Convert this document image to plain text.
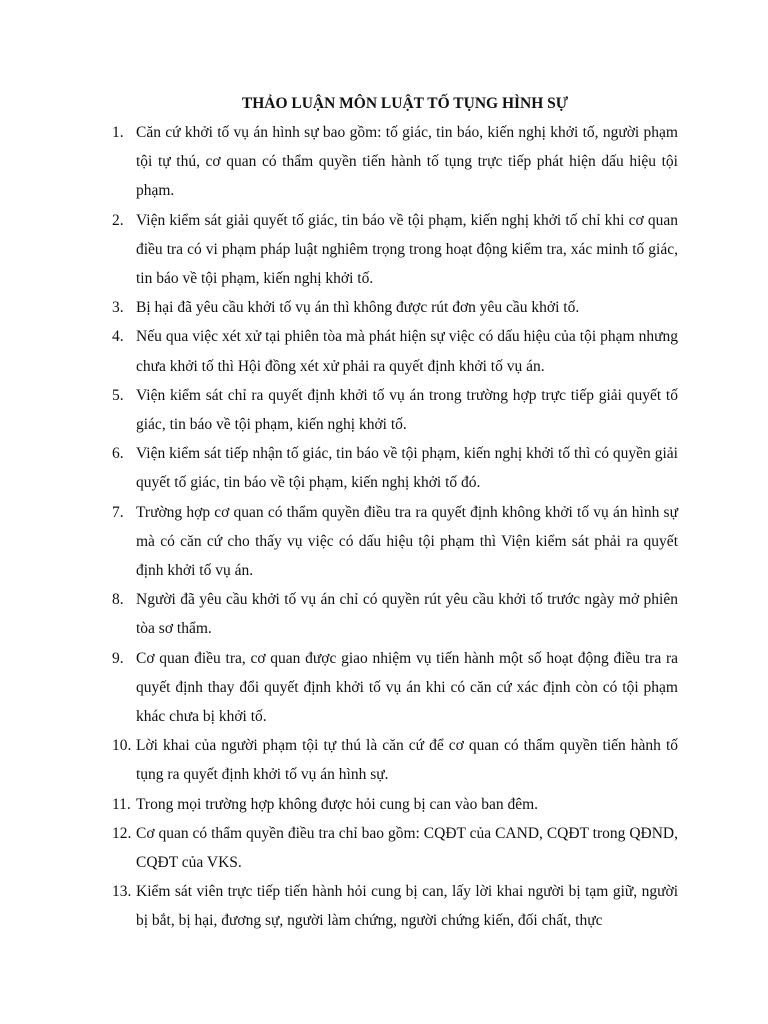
THẢO LUẬN MÔN LUẬT TỐ TỤNG HÌNH SỰ
1. Căn cứ khởi tố vụ án hình sự bao gồm: tố giác, tin báo, kiến nghị khởi tố, người phạm tội tự thú, cơ quan có thẩm quyền tiến hành tố tụng trực tiếp phát hiện dấu hiệu tội phạm.
2. Viện kiểm sát giải quyết tố giác, tin báo về tội phạm, kiến nghị khởi tố chỉ khi cơ quan điều tra có vi phạm pháp luật nghiêm trọng trong hoạt động kiểm tra, xác minh tố giác, tin báo về tội phạm, kiến nghị khởi tố.
3. Bị hại đã yêu cầu khởi tố vụ án thì không được rút đơn yêu cầu khởi tố.
4. Nếu qua việc xét xử tại phiên tòa mà phát hiện sự việc có dấu hiệu của tội phạm nhưng chưa khởi tố thì Hội đồng xét xử phải ra quyết định khởi tố vụ án.
5. Viện kiểm sát chỉ ra quyết định khởi tố vụ án trong trường hợp trực tiếp giải quyết tố giác, tin báo về tội phạm, kiến nghị khởi tố.
6. Viện kiểm sát tiếp nhận tố giác, tin báo về tội phạm, kiến nghị khởi tố thì có quyền giải quyết tố giác, tin báo về tội phạm, kiến nghị khởi tố đó.
7. Trường hợp cơ quan có thẩm quyền điều tra ra quyết định không khởi tố vụ án hình sự mà có căn cứ cho thấy vụ việc có dấu hiệu tội phạm thì Viện kiểm sát phải ra quyết định khởi tố vụ án.
8. Người đã yêu cầu khởi tố vụ án chỉ có quyền rút yêu cầu khởi tố trước ngày mở phiên tòa sơ thẩm.
9. Cơ quan điều tra, cơ quan được giao nhiệm vụ tiến hành một số hoạt động điều tra ra quyết định thay đổi quyết định khởi tố vụ án khi có căn cứ xác định còn có tội phạm khác chưa bị khởi tố.
10. Lời khai của người phạm tội tự thú là căn cứ để cơ quan có thẩm quyền tiến hành tố tụng ra quyết định khởi tố vụ án hình sự.
11. Trong mọi trường hợp không được hỏi cung bị can vào ban đêm.
12. Cơ quan có thẩm quyền điều tra chỉ bao gồm: CQĐT của CAND, CQĐT trong QĐND, CQĐT của VKS.
13. Kiểm sát viên trực tiếp tiến hành hỏi cung bị can, lấy lời khai người bị tạm giữ, người bị bắt, bị hại, đương sự, người làm chứng, người chứng kiến, đối chất, thực
